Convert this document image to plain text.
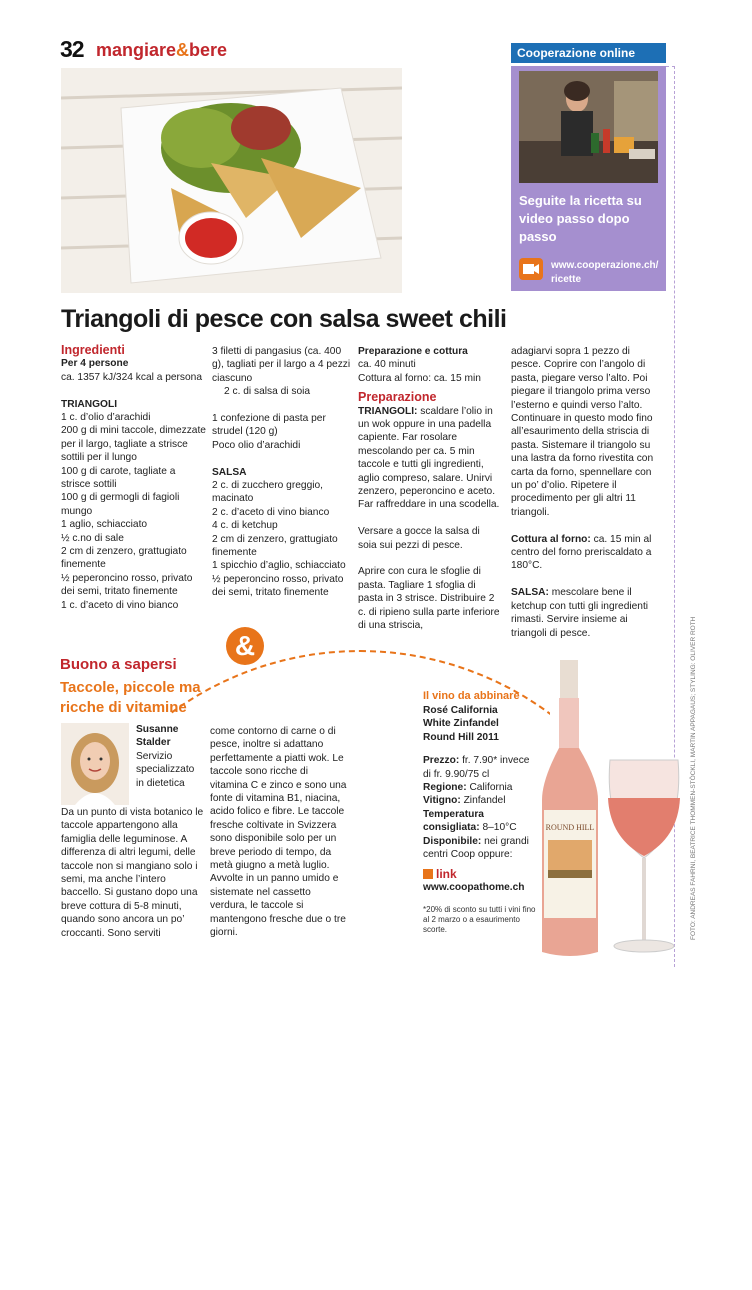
32 mangiare&bere	Cooperazione online
Seguite la ricetta su video passo dopo passo
www.cooperazione.ch/
ricette
Triangoli di pesce con salsa sweet chili

Ingredienti

Per 4 persone

ca. 1357 kJ/324 kcal a persona

TRIANGOLI

1 c. d’olio d’arachidi

200 g di mini taccole, dimezzate per il largo, tagliate a strisce sottili per il lungo

100 g di carote, tagliate a strisce sottili

100 g di germogli di fagioli mungo

1 aglio, schiacciato

½ c.no di sale

2 cm di zenzero, grattugiato finemente

½ peperoncino rosso, privato dei semi, tritato finemente

1 c. d’aceto di vino bianco

3 filetti di pangasius (ca. 400 g), tagliati per il largo a 4 pezzi ciascuno

2 c. di salsa di soia

1 confezione di pasta per strudel (120 g)

Poco olio d’arachidi

SALSA

2 c. di zucchero greggio, macinato

2 c. d’aceto di vino bianco

4 c. di ketchup

2 cm di zenzero, grattugiato finemente

1 spicchio d’aglio, schiacciato

½ peperoncino rosso, privato dei semi, tritato finemente

Preparazione e cottura

ca. 40 minuti

Cottura al forno: ca. 15 min

Preparazione

TRIANGOLI: scaldare l’olio in un wok oppure in una padella capiente. Far rosolare mescolando per ca. 5 min taccole e tutti gli ingredienti, aglio compreso, salare. Unirvi zenzero, peperoncino e aceto. Far raffreddare in una scodella.

Versare a gocce la salsa di soia sui pezzi di pesce.

Aprire con cura le sfoglie di pasta. Tagliare 1 sfoglia di pasta in 3 strisce. Distribuire 2 c. di ripieno sulla parte inferiore di una striscia,

adagiarvi sopra 1 pezzo di pesce. Coprire con l’angolo di pasta, piegare verso l’alto. Poi piegare il triangolo prima verso l’esterno e quindi verso l’alto. Continuare in questo modo fino all’esaurimento della striscia di pasta. Sistemare il triangolo su una lastra da forno rivestita con carta da forno, spennellare con un po’ d’olio. Ripetere il procedimento per gli altri 11 triangoli.

Cottura al forno: ca. 15 min al centro del forno preriscaldato a 180°C.

SALSA: mescolare bene il ketchup con tutti gli ingredienti rimasti. Servire insieme ai triangoli di pesce.

&
Buono a sapersi
Taccole, piccole ma ricche di vitamine

Susanne Stalder

Servizio specializzato in dietetica

Da un punto di vista botanico le taccole appartengono alla famiglia delle leguminose. A differenza di altri legumi, delle taccole non si mangiano solo i semi, ma anche l’intero baccello. Si gustano dopo una breve cottura di 5-8 minuti, quando sono ancora un po’ croccanti. Sono serviti

come contorno di carne o di pesce, inoltre si adattano perfettamente a piatti wok. Le taccole sono ricche di vitamina C e zinco e sono una fonte di vitamina B1, niacina, acido folico e fibre. Le taccole fresche coltivate in Svizzera sono disponibile solo per un breve periodo di tempo, da metà giugno a metà luglio. Avvolte in un panno umido e sistemate nel cassetto verdura, le taccole si mantengono fresche due o tre giorni.

Il vino da abbinare

Rosé California White Zinfandel Round Hill 2011

Prezzo: fr. 7.90* invece di fr. 9.90/75 cl

Regione: California

Vitigno: Zinfandel

Temperatura consigliata: 8–10°C

Disponibile: nei grandi centri Coop oppure:

link
www.coopathome.ch
*20% di sconto su tutti i vini fino al 2 marzo o a esaurimento scorte.
ROUND HILL	FOTO: ANDREAS FAHRNI, BEATRICE THOMMEN-STÖCKLI, MARTIN APPAGAUS; STYLING: OLIVER ROTH
